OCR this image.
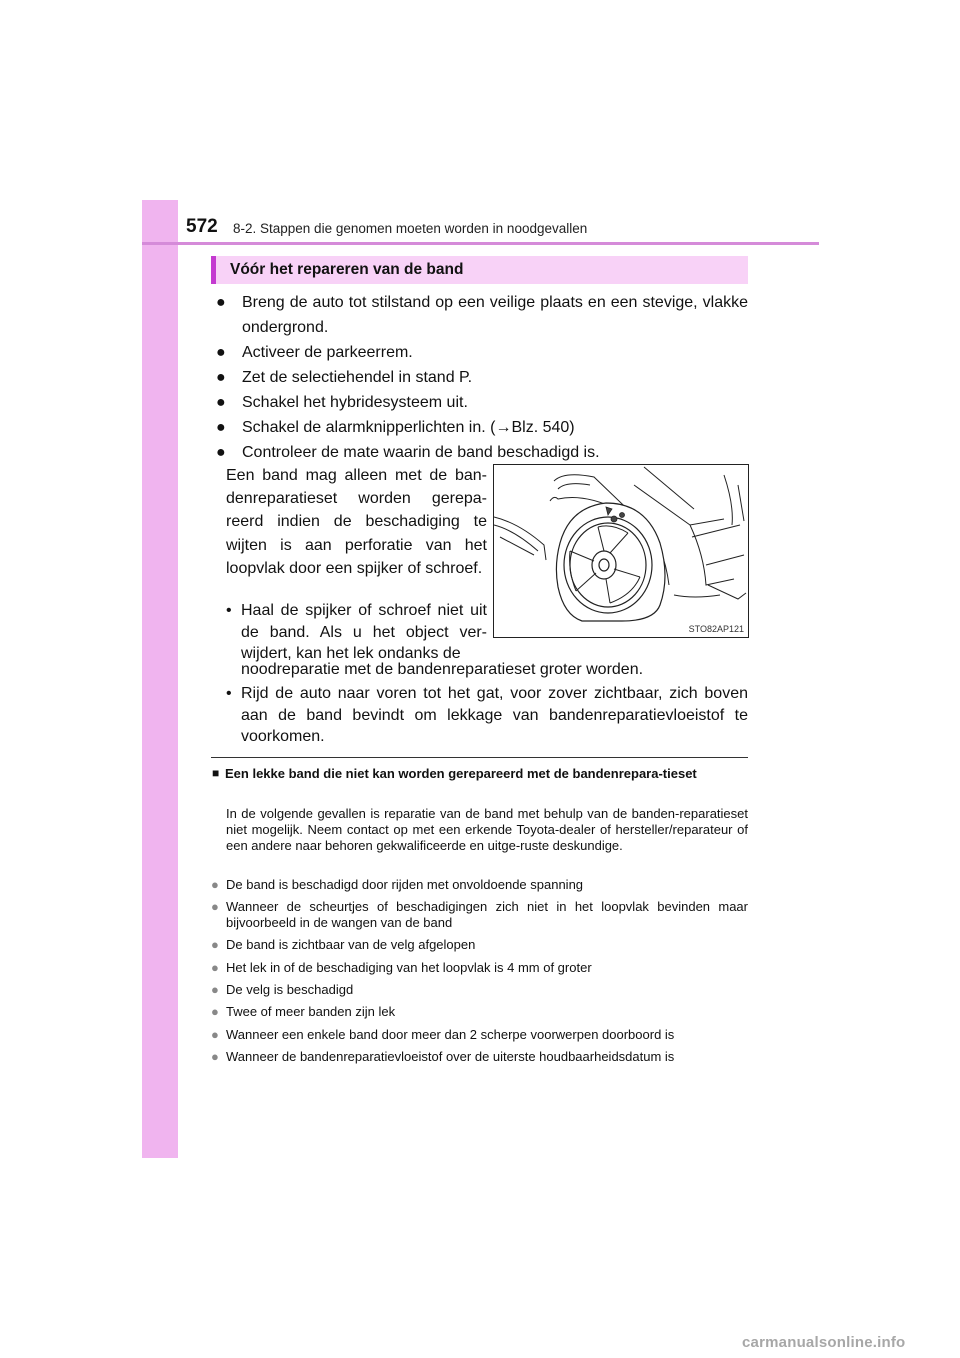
572 8-2. Stappen die genomen moeten worden in noodgevallen
Vóór het repareren van de band
● Breng de auto tot stilstand op een veilige plaats en een stevige, vlakke ondergrond.
● Activeer de parkeerrem.
● Zet de selectiehendel in stand P.
● Schakel het hybridesysteem uit.
● Schakel de alarmknipperlichten in. (→Blz. 540)
● Controleer de mate waarin de band beschadigd is.
Een band mag alleen met de ban-denreparatieset worden gerepa-reerd indien de beschadiging te wijten is aan perforatie van het loopvlak door een spijker of schroef.
• Haal de spijker of schroef niet uit de band. Als u het object ver-wijdert, kan het lek ondanks de
noodreparatie met de bandenreparatieset groter worden.
• Rijd de auto naar voren tot het gat, voor zover zichtbaar, zich boven aan de band bevindt om lekkage van bandenreparatievloeistof te voorkomen.
STO82AP121
■ Een lekke band die niet kan worden gerepareerd met de bandenrepara-tieset
In de volgende gevallen is reparatie van de band met behulp van de banden-reparatieset niet mogelijk. Neem contact op met een erkende Toyota-dealer of hersteller/reparateur of een andere naar behoren gekwalificeerde en uitge-ruste deskundige.
● De band is beschadigd door rijden met onvoldoende spanning
● Wanneer de scheurtjes of beschadigingen zich niet in het loopvlak bevinden maar bijvoorbeeld in de wangen van de band
● De band is zichtbaar van de velg afgelopen
● Het lek in of de beschadiging van het loopvlak is 4 mm of groter
● De velg is beschadigd
● Twee of meer banden zijn lek
● Wanneer een enkele band door meer dan 2 scherpe voorwerpen doorboord is
● Wanneer de bandenreparatievloeistof over de uiterste houdbaarheidsdatum is
carmanualsonline.info
